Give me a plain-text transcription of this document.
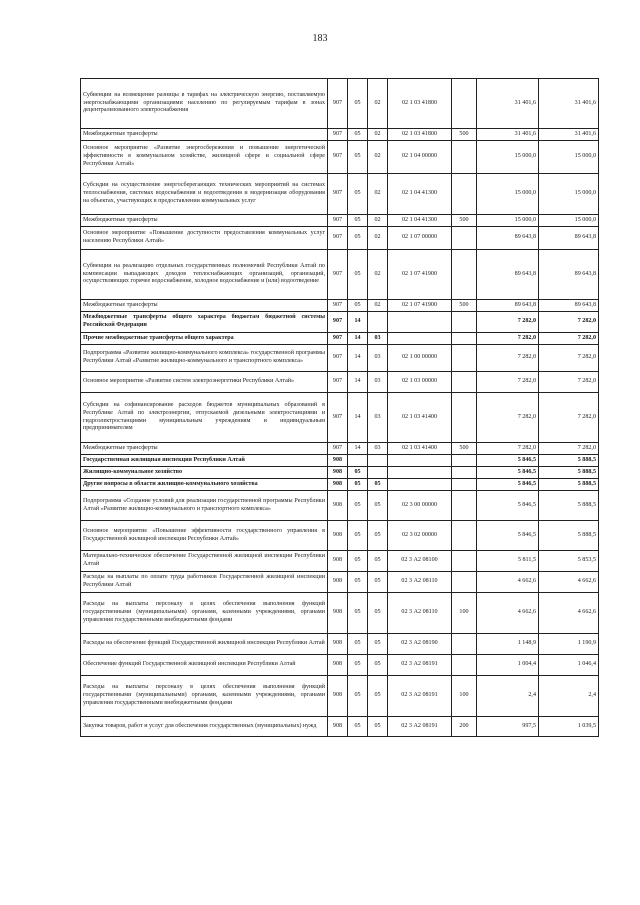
183
Субвенции на возмещение разницы в тарифах на электрическую энергию, поставляемую энергоснабжающими организациями населению по регулируемым тарифам в зонах децентрализованного электроснабжения	907	05	02	02 1 03 41800		31 401,6	31 401,6
Межбюджетные трансферты	907	05	02	02 1 03 41800	500	31 401,6	31 401,6
Основное мероприятие «Развитие энергосбережения и повышение энергетической эффективности в коммунальном хозяйстве, жилищной сфере и социальной сфере Республики Алтай»	907	05	02	02 1 04 00000		15 000,0	15 000,0
Субсидии на осуществление энергосберегающих технических мероприятий на системах теплоснабжения, системах водоснабжения и водоотведения и модернизация оборудования на объектах, участвующих в предоставлении коммунальных услуг	907	05	02	02 1 04 41300		15 000,0	15 000,0
Межбюджетные трансферты	907	05	02	02 1 04 41300	500	15 000,0	15 000,0
Основное мероприятие «Повышение доступности предоставления коммунальных услуг населению Республики Алтай»	907	05	02	02 1 07 00000		89 643,8	89 643,8
Субвенции на реализацию отдельных государственных полномочий Республики Алтай по компенсации выпадающих доходов теплоснабжающих организаций, организаций, осуществляющих горячее водоснабжение, холодное водоснабжение и (или) водоотведение	907	05	02	02 1 07 41900		89 643,8	89 643,8
Межбюджетные трансферты	907	05	02	02 1 07 41900	500	89 643,8	89 643,8
Межбюджетные трансферты общего характера бюджетам бюджетной системы Российской Федерации	907	14				7 282,0	7 282,0
Прочие межбюджетные трансферты общего характера	907	14	03			7 282,0	7 282,0
Подпрограмма «Развитие жилищно-коммунального комплекса» государственной программы Республики Алтай «Развитие жилищно-коммунального и транспортного комплекса»	907	14	03	02 1 00 00000		7 282,0	7 282,0
Основное мероприятие «Развитие систем электроэнергетики Республики Алтай»	907	14	03	02 1 03 00000		7 282,0	7 282,0
Субсидии на софинансирование расходов бюджетов муниципальных образований в Республике Алтай по электроэнергии, отпускаемой дизельными электростанциями и гидроэлектростанциями муниципальным учреждениям и индивидуальным предпринимателям	907	14	03	02 1 03 41400		7 282,0	7 282,0
Межбюджетные трансферты	907	14	03	02 1 03 41400	500	7 282,0	7 282,0
Государственная жилищная инспекция Республики Алтай	908					5 846,5	5 888,5
Жилищно-коммунальное хозяйство	908	05				5 846,5	5 888,5
Другие вопросы в области жилищно-коммунального хозяйства	908	05	05			5 846,5	5 888,5
Подпрограмма «Создание условий для реализации государственной программы Республики Алтай «Развитие жилищно-коммунального и транспортного комплекса»	908	05	05	02 3 00 00000		5 846,5	5 888,5
Основное мероприятие «Повышение эффективности государственного управления в Государственной жилищной инспекции Республики Алтай»	908	05	05	02 3 02 00000		5 846,5	5 888,5
Материально-техническое обеспечение Государственной жилищной инспекции Республики Алтай	908	05	05	02 3 А2 08100		5 811,5	5 853,5
Расходы на выплаты по оплате труда работников Государственной жилищной инспекции Республики Алтай	908	05	05	02 3 А2 08110		4 662,6	4 662,6
Расходы на выплаты персоналу в целях обеспечения выполнения функций государственными (муниципальными) органами, казенными учреждениями, органами управления государственными внебюджетными фондами	908	05	05	02 3 А2 08110	100	4 662,6	4 662,6
Расходы на обеспечение функций Государственной жилищной инспекции Республики Алтай	908	05	05	02 3 А2 08190		1 148,9	1 190,9
Обеспечение функций Государственной жилищной инспекции Республики Алтай	908	05	05	02 3 А2 08191		1 004,4	1 046,4
Расходы на выплаты персоналу в целях обеспечения выполнения функций государственными (муниципальными) органами, казенными учреждениями, органами управления государственными внебюджетными фондами	908	05	05	02 3 А2 08191	100	2,4	2,4
Закупка товаров, работ и услуг для обеспечения государственных (муниципальных) нужд	908	05	05	02 3 А2 08191	200	997,5	1 039,5
